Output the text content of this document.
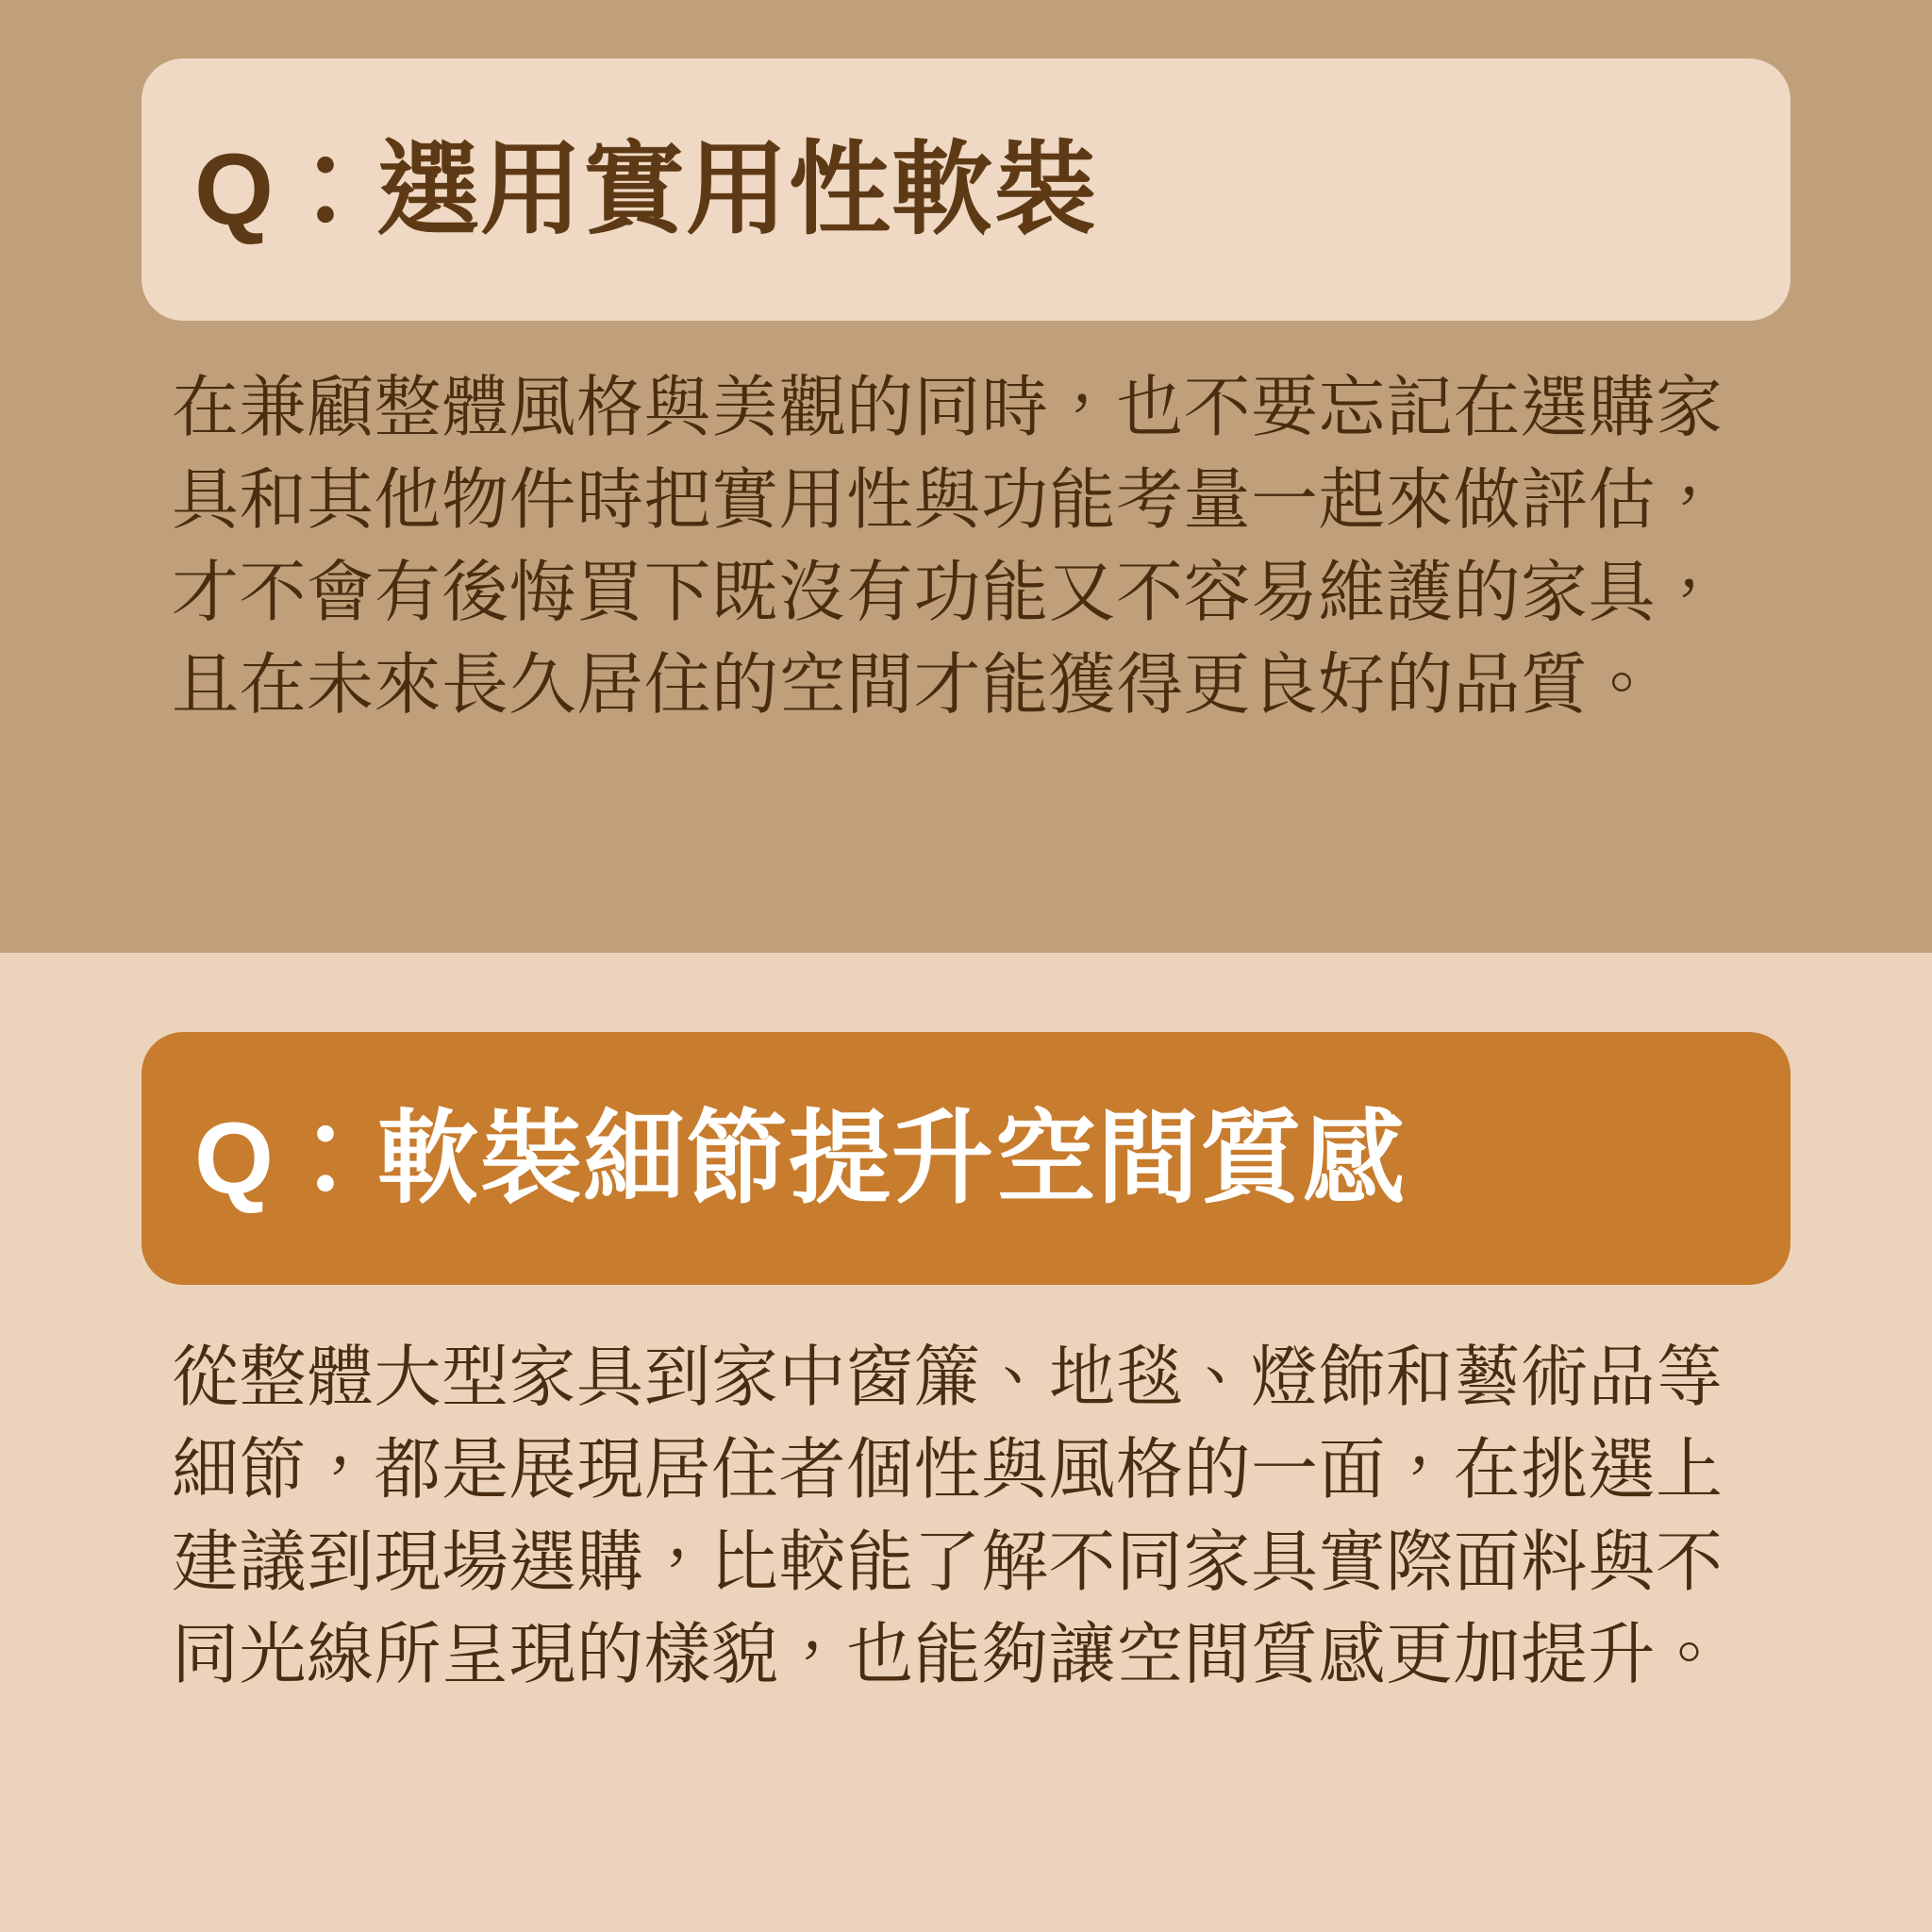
Q：選用實用性軟裝

在兼顧整體風格與美觀的同時，也不要忘記在選購家具和其他物件時把實用性與功能考量一起來做評估，才不會有後悔買下既沒有功能又不容易維護的家具，且在未來長久居住的空間才能獲得更良好的品質。

Q：軟裝細節提升空間質感

從整體大型家具到家中窗簾、地毯、燈飾和藝術品等細節，都是展現居住者個性與風格的一面，在挑選上建議到現場選購，比較能了解不同家具實際面料與不同光線所呈現的樣貌，也能夠讓空間質感更加提升。
